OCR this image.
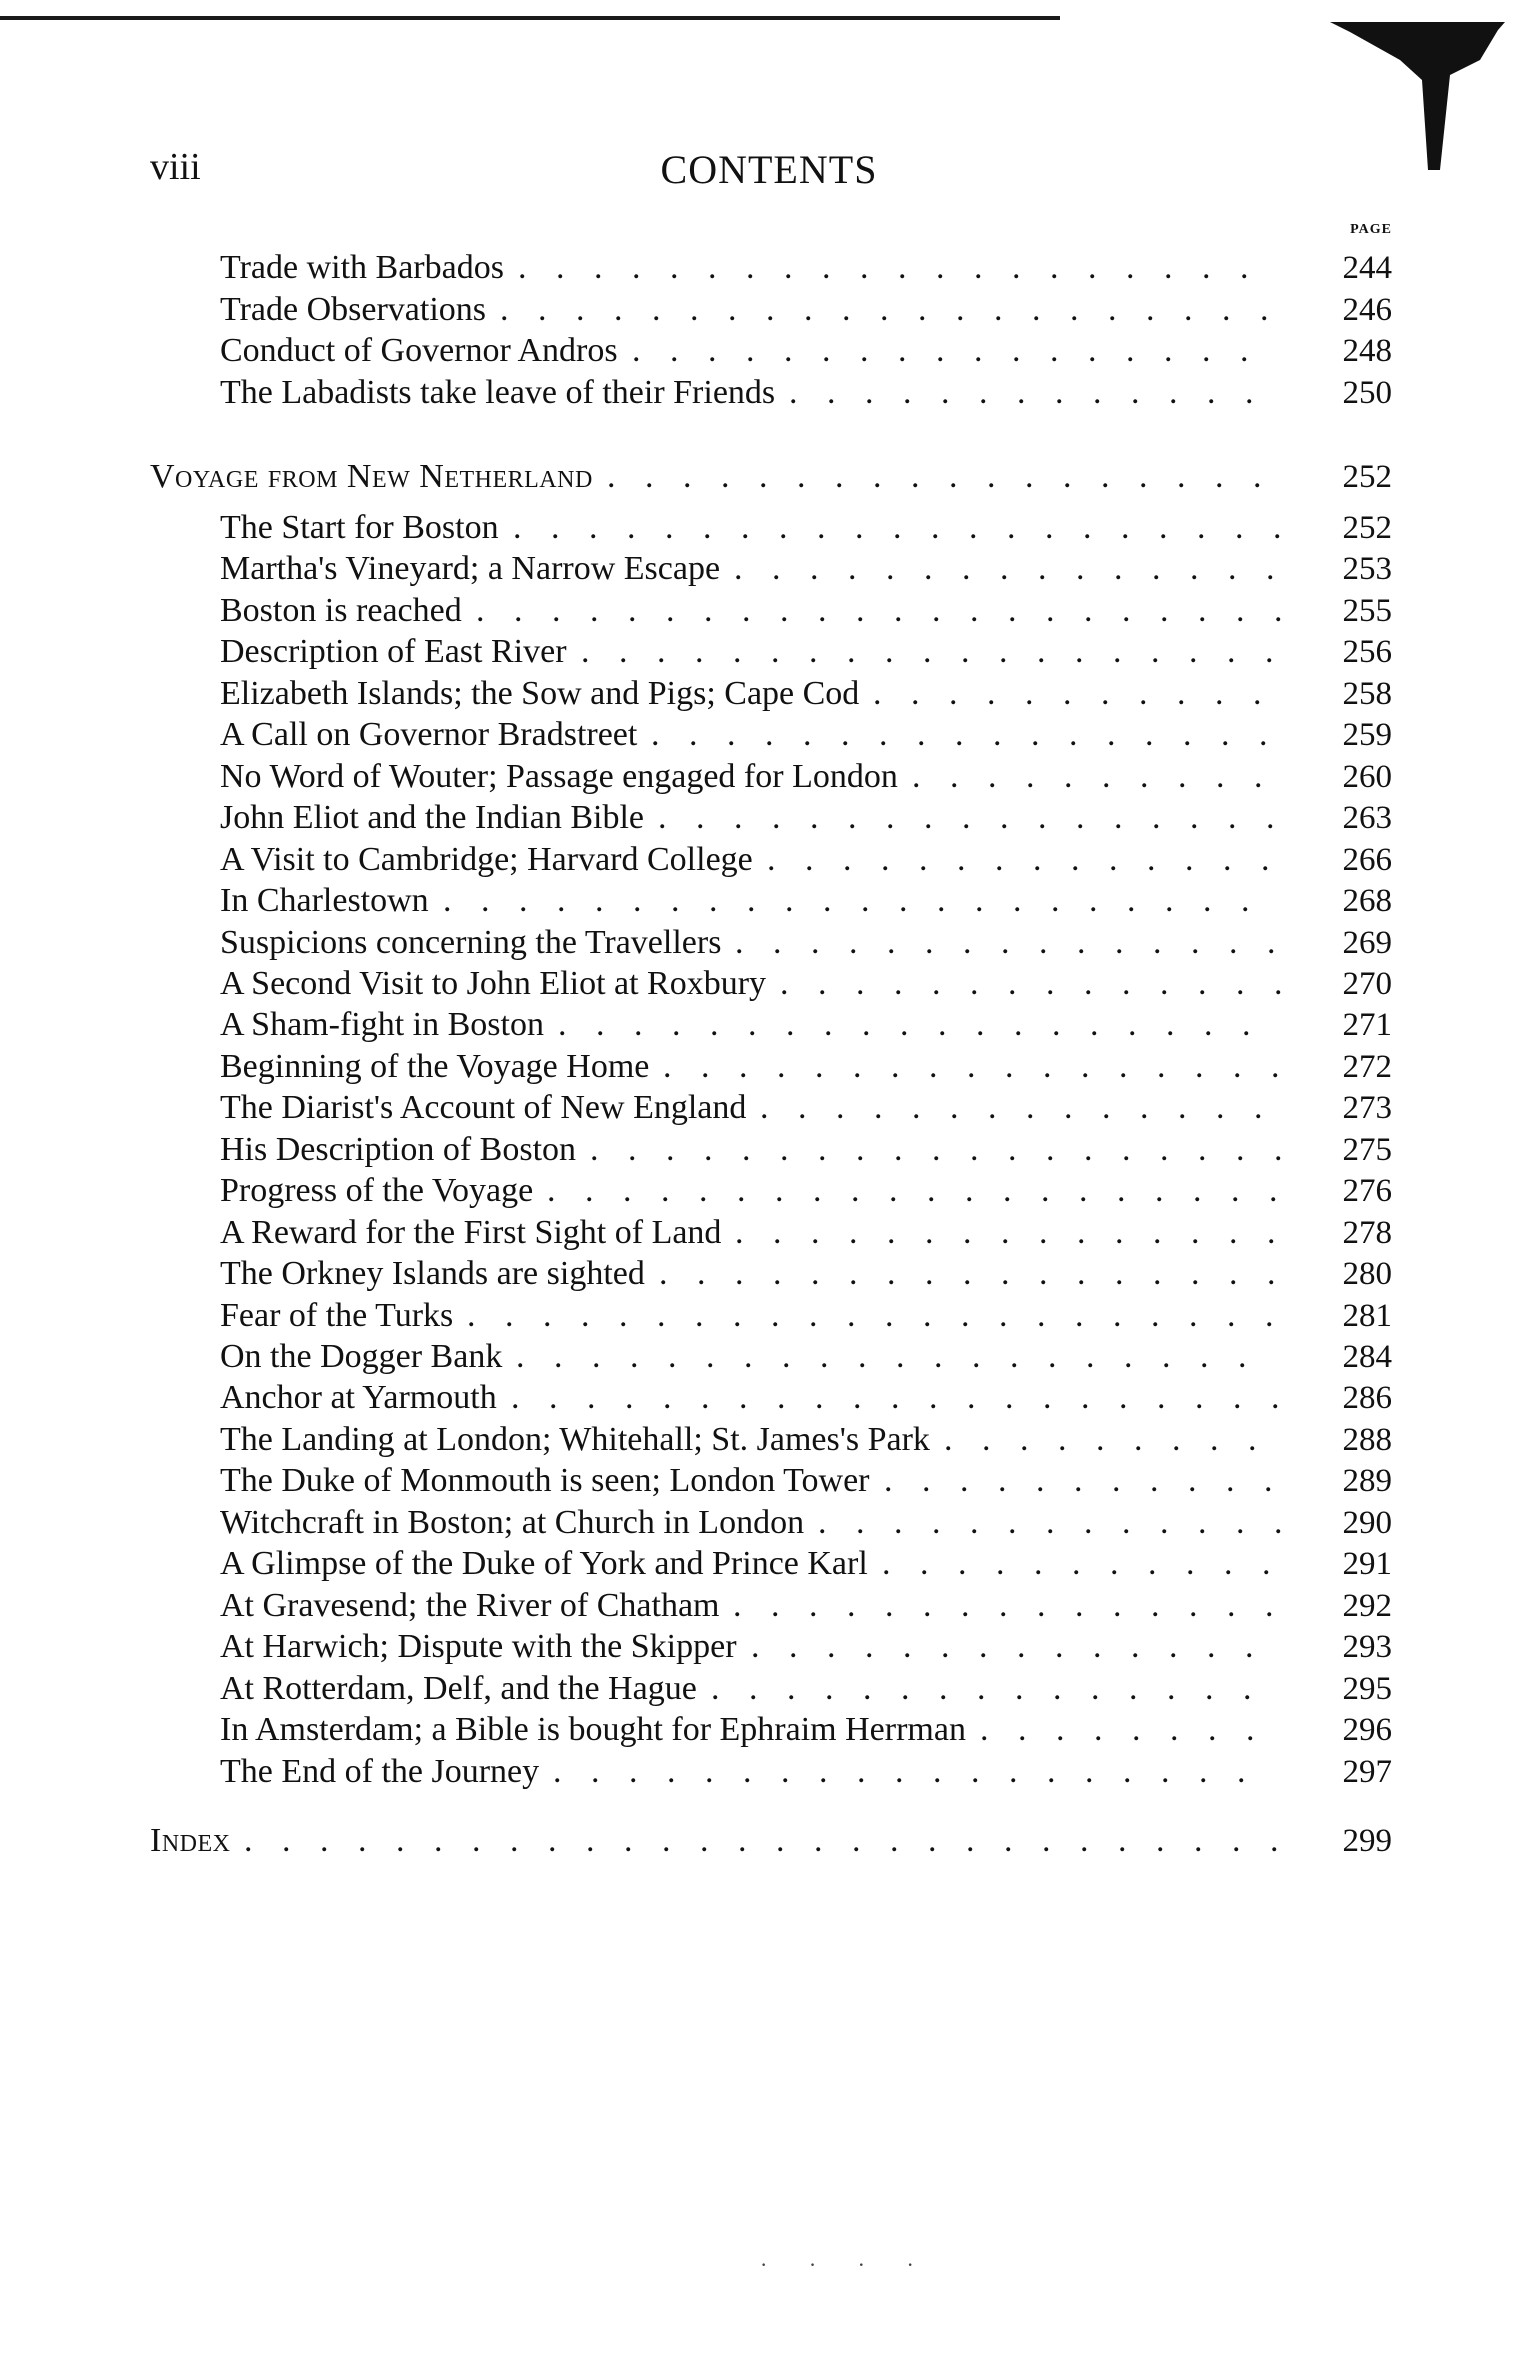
viii	CONTENTS
PAGE
Trade with Barbados ....................	244
Trade Observations .....................	246
Conduct of Governor Andros .................	248
The Labadists take leave of their Friends .............	250
Voyage from New Netherland ..................	252
The Start for Boston ..................... 252
Martha's Vineyard; a Narrow Escape ...............	253
Boston is reached ...................... 255
Description of East River ...................	256
Elizabeth Islands; the Sow and Pigs; Cape Cod ...........	258
A Call on Governor Bradstreet .................	259
No Word of Wouter; Passage engaged for London ..........	260
John Eliot and the Indian Bible .................	263
A Visit to Cambridge; Harvard College ..............	266
In Charlestown ......................	268
Suspicions concerning the Travellers ...............	269
A Second Visit to John Eliot at Roxbury .............. 270
A Sham-fight in Boston ...................	271
Beginning of the Voyage Home .................	272
The Diarist's Account of New England ..............	273
His Description of Boston ................... 275
Progress of the Voyage ....................	276
A Reward for the First Sight of Land ...............	278
The Orkney Islands are sighted .................	280
Fear of the Turks ......................	281
On the Dogger Bank ....................	284
Anchor at Yarmouth .....................	286
The Landing at London; Whitehall; St. James's Park .........	288
The Duke of Monmouth is seen; London Tower ...........	289
Witchcraft in Boston; at Church in London ............. 290
A Glimpse of the Duke of York and Prince Karl ...........	291
At Gravesend; the River of Chatham ...............	292
At Harwich; Dispute with the Skipper ..............	293
At Rotterdam, Delf, and the Hague ...............	295
In Amsterdam; a Bible is bought for Ephraim Herrman ........	296
The End of the Journey ...................	297
Index ............................	299
· · · ·
